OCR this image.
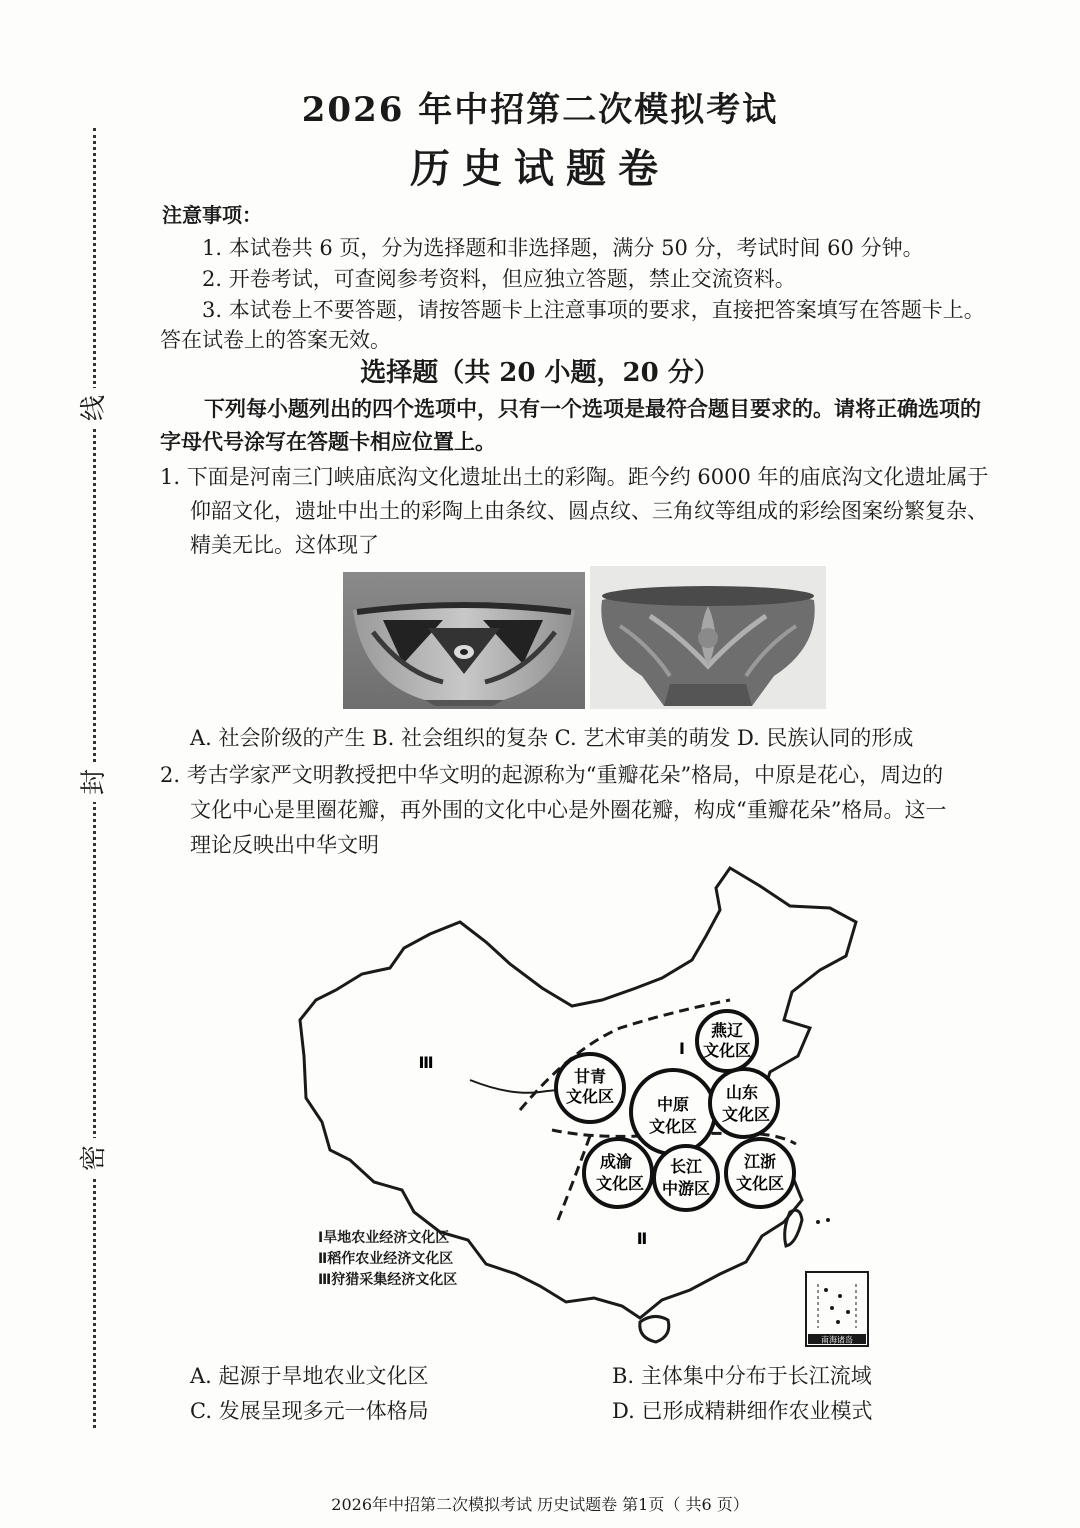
线
封
密
2026 年中招第二次模拟考试
历史试题卷
注意事项：
1. 本试卷共 6 页，分为选择题和非选择题，满分 50 分，考试时间 60 分钟。
2. 开卷考试，可查阅参考资料，但应独立答题，禁止交流资料。
3. 本试卷上不要答题，请按答题卡上注意事项的要求，直接把答案填写在答题卡上。
答在试卷上的答案无效。
选择题（共 20 小题，20 分）
下列每小题列出的四个选项中，只有一个选项是最符合题目要求的。请将正确选项的
字母代号涂写在答题卡相应位置上。
1. 下面是河南三门峡庙底沟文化遗址出土的彩陶。距今约 6000 年的庙底沟文化遗址属于
仰韶文化，遗址中出土的彩陶上由条纹、圆点纹、三角纹等组成的彩绘图案纷繁复杂、
精美无比。这体现了
A. 社会阶级的产生 B. 社会组织的复杂 C. 艺术审美的萌发 D. 民族认同的形成
2. 考古学家严文明教授把中华文明的起源称为“重瓣花朵”格局，中原是花心，周边的
文化中心是里圈花瓣，再外围的文化中心是外圈花瓣，构成“重瓣花朵”格局。这一
理论反映出中华文明
Ⅲ
Ⅰ
Ⅱ
燕辽
文化区
甘青
文化区	中原
文化区
山东
文化区
成渝
文化区
长江
中游区
江浙
文化区
南海诸岛
Ⅰ旱地农业经济文化区
Ⅱ稻作农业经济文化区
Ⅲ狩猎采集经济文化区
A. 起源于旱地农业文化区	B. 主体集中分布于长江流域
C. 发展呈现多元一体格局	D. 已形成精耕细作农业模式
2026年中招第二次模拟考试 历史试题卷 第1页（ 共6 页）
